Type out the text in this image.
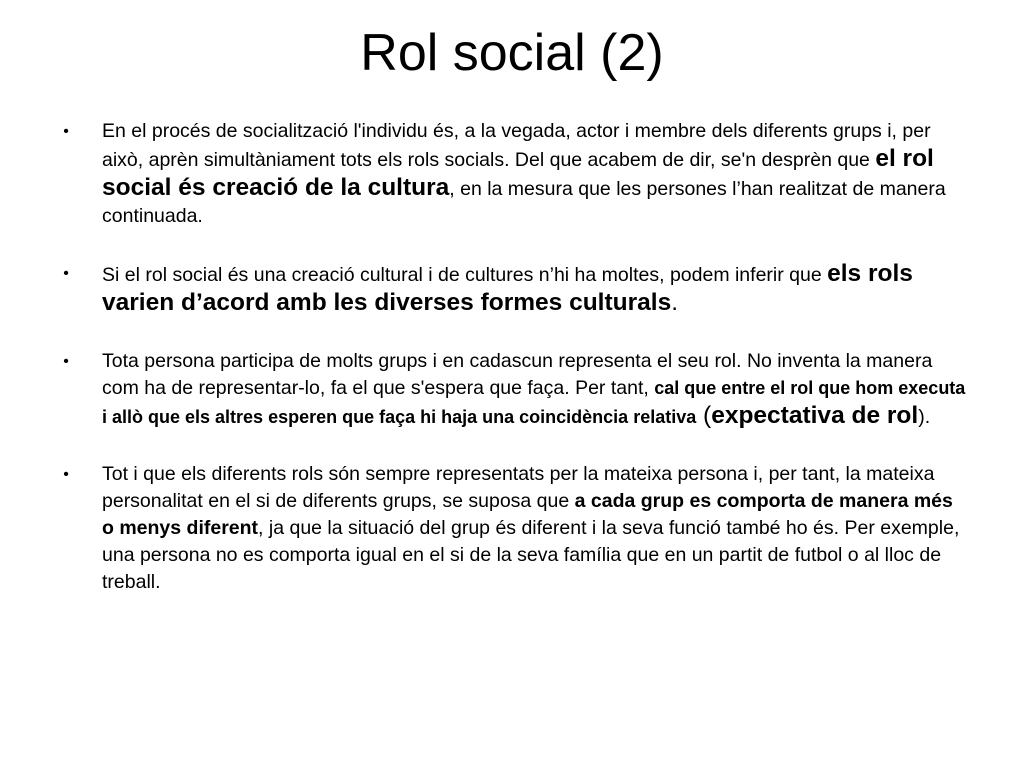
Rol social (2)
•	En el procés de socialització l'individu és, a la vegada, actor i membre dels diferents grups i, per això, aprèn simultàniament tots els rols socials. Del que acabem de dir, se'n desprèn que el rol social és creació de la cultura, en la mesura que les persones l’han realitzat de manera continuada.
•	Si el rol social és una creació cultural i de cultures n’hi ha moltes, podem inferir que els rols varien d’acord amb les diverses formes culturals.
•	Tota persona participa de molts grups i en cadascun representa el seu rol. No inventa la manera com ha de representar-lo, fa el que s'espera que faça. Per tant, cal que entre el rol que hom executa i allò que els altres esperen que faça hi haja una coincidència relativa (expectativa de rol).
•	Tot i que els diferents rols són sempre representats per la mateixa persona i, per tant, la mateixa personalitat en el si de diferents grups, se suposa que a cada grup es comporta de manera més o menys diferent, ja que la situació del grup és diferent i la seva funció també ho és. Per exemple, una persona no es comporta igual en el si de la seva família que en un partit de futbol o al lloc de treball.
